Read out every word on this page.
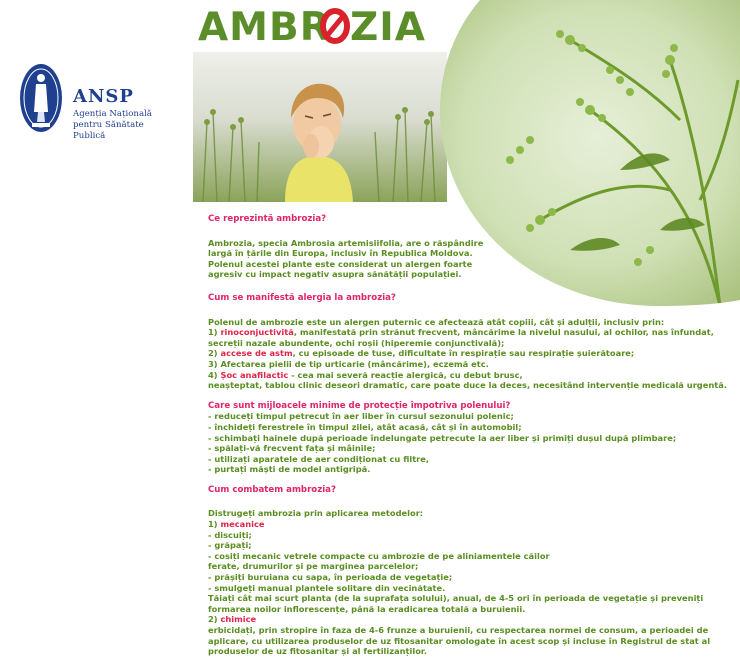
AMBR ZIA
ANSP
Agenția Națională
pentru Sănătate Publică

Ce reprezintă ambrozia?

Ambrozia, specia Ambrosia artemisiifolia, are o răspândire

largă în țările din Europa, inclusiv în Republica Moldova.

Polenul acestei plante este considerat un alergen foarte

agresiv cu impact negativ asupra sănătății populației.

Cum se manifestă alergia la ambrozia?

Polenul de ambrozie este un alergen puternic ce afectează atât copiii, cât și adulții, inclusiv prin:

1) rinoconjuctivită, manifestată prin strănut frecvent, mâncărime la nivelul nasului, al ochilor, nas înfundat,

secreții nazale abundente, ochi roșii (hiperemie conjunctivală);

2) accese de astm, cu episoade de tuse, dificultate în respirație sau respirație șuierătoare;

3) Afectarea pielii de tip urticarie (mâncărime), eczemă etc.

4) Șoc anafilactic - cea mai severă reacție alergică, cu debut brusc,

neașteptat, tablou clinic deseori dramatic, care poate duce la deces, necesitând intervenție medicală urgentă.

Care sunt mijloacele minime de protecție împotriva polenului?

- reduceți timpul petrecut în aer liber în cursul sezonului polenic;

- închideți ferestrele în timpul zilei, atât acasă, cât și în automobil;

- schimbați hainele după perioade îndelungate petrecute la aer liber și primiți dușul după plimbare;

- spălați-vă frecvent fața și mâinile;

- utilizați aparatele de aer condiționat cu filtre,

- purtați măști de model antigripă.

Cum combatem ambrozia?

Distrugeți ambrozia prin aplicarea metodelor:

1) mecanice

- discuiți;

- grăpați;

- cosiți mecanic vetrele compacte cu ambrozie de pe aliniamentele căilor

ferate, drumurilor și pe marginea parcelelor;

- prășiți buruiana cu sapa, în perioada de vegetație;

- smulgeți manual plantele solitare din vecinătate.

Tăiați cât mai scurt planta (de la suprafața solului), anual, de 4-5 ori în perioada de vegetație și preveniți

formarea noilor inflorescențe, până la eradicarea totală a buruienii.

2) chimice

erbicidați, prin stropire în faza de 4-6 frunze a buruienii, cu respectarea normei de consum, a perioadei de

aplicare, cu utilizarea produselor de uz fitosanitar omologate în acest scop și incluse în Registrul de stat al

produselor de uz fitosanitar și al fertilizanților.
